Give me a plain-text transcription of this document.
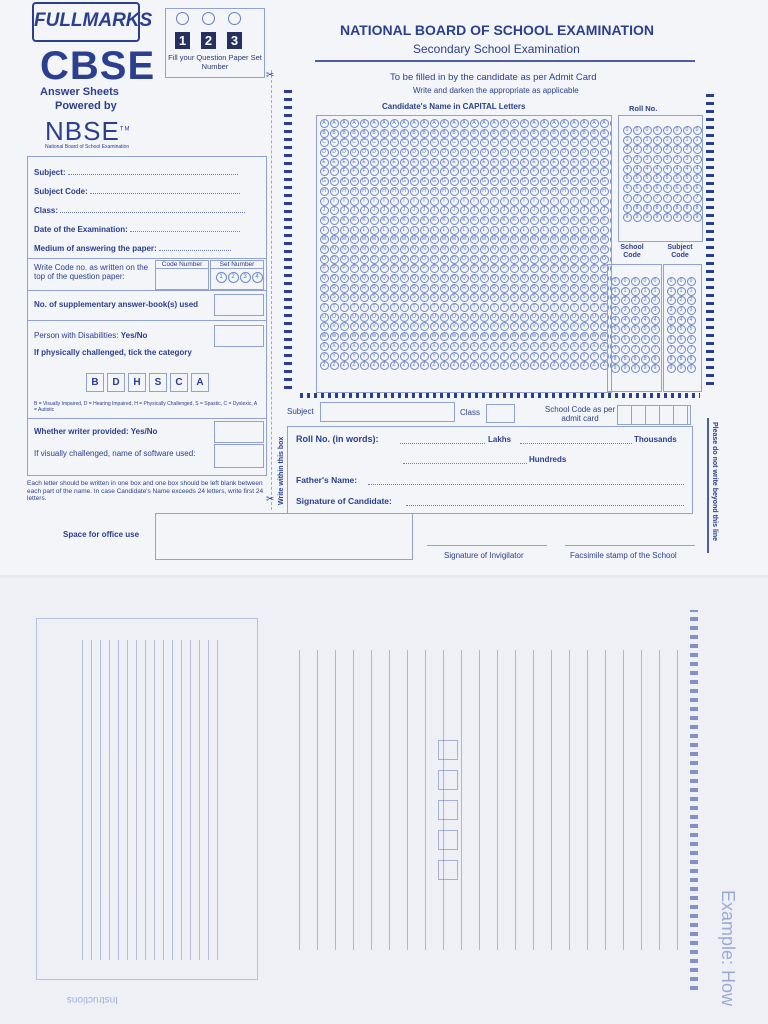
FULLMARKS
CBSE
Answer Sheets
Powered by
NBSE™
National Board of School Examination
1 2 3
Fill your Question Paper Set Number
Subject:
Subject Code:
Class:
Date of the Examination:
Medium of answering the paper:
Write Code no. as written on the top of the question paper:
Code Number	Set Number
1 2 3 4
No. of supplementary answer-book(s) used
Person with Disabilities: Yes/No
If physically challenged, tick the category
B D H S C A
B = Visually Impaired, D = Hearing Impaired, H = Physically Challenged, S = Spastic, C = Dyslexic, A = Autistic
Whether writer provided: Yes/No
If visually challenged, name of software used:
Each letter should be written in one box and one box should be left blank between each part of the name. In case Candidate's Name exceeds 24 letters, write first 24 letters.
Space for office use
✂
✂
NATIONAL BOARD OF SCHOOL EXAMINATION
Secondary School Examination
To be filled in by the candidate as per Admit Card
Write and darken the appropriate as applicable
Candidate's Name in CAPITAL Letters	Roll No.
A A A A A A A A A A A A A A A A A A A A A A A A A A A A A
B B B B B B B B B B B B B B B B B B B B B B B B B B B B B
C C C C C C C C C C C C C C C C C C C C C C C C C C C C C
D D D D D D D D D D D D D D D D D D D D D D D D D D D D D
E E E E E E E E E E E E E E E E E E E E E E E E E E E E E
F F F F F F F F F F F F F F F F F F F F F F F F F F F F F
G G G G G G G G G G G G G G G G G G G G G G G G G G G G G
H H H H H H H H H H H H H H H H H H H H H H H H H H H H H
I I I I I I I I I I I I I I I I I I I I I I I I I I I I I
J J J J J J J J J J J J J J J J J J J J J J J J J J J J J
K K K K K K K K K K K K K K K K K K K K K K K K K K K K K
L L L L L L L L L L L L L L L L L L L L L L L L L L L L L
M M M M M M M M M M M M M M M M M M M M M M M M M M M M M
N N N N N N N N N N N N N N N N N N N N N N N N N N N N N
O O O O O O O O O O O O O O O O O O O O O O O O O O O O O
P P P P P P P P P P P P P P P P P P P P P P P P P P P P P
Q Q Q Q Q Q Q Q Q Q Q Q Q Q Q Q Q Q Q Q Q Q Q Q Q Q Q Q Q
R R R R R R R R R R R R R R R R R R R R R R R R R R R R R
S S S S S S S S S S S S S S S S S S S S S S S S S S S S S
T T T T T T T T T T T T T T T T T T T T T T T T T T T T T
U U U U U U U U U U U U U U U U U U U U U U U U U U U U U
V V V V V V V V V V V V V V V V V V V V V V V V V V V V V
W W W W W W W W W W W W W W W W W W W W W W W W W W W W W
X X X X X X X X X X X X X X X X X X X X X X X X X X X X X
Y Y Y Y Y Y Y Y Y Y Y Y Y Y Y Y Y Y Y Y Y Y Y Y Y Y Y Y Y
Z Z Z Z Z Z Z Z Z Z Z Z Z Z Z Z Z Z Z Z Z Z Z Z Z Z Z Z Z
0 0 0 0 0 0 0 0
1 1 1 1 1 1 1 1
2 2 2 2 2 2 2 2
3 3 3 3 3 3 3 3
4 4 4 4 4 4 4 4
5 5 5 5 5 5 5 5
6 6 6 6 6 6 6 6
7 7 7 7 7 7 7 7
8 8 8 8 8 8 8 8
9 9 9 9 9 9 9 9
School Code
Subject Code
0 0 0 0 0
1 1 1 1 1
2 2 2 2 2
3 3 3 3 3
4 4 4 4 4
5 5 5 5 5
6 6 6 6 6
7 7 7 7 7
8 8 8 8 8
9 9 9 9 9
0 0 0
1 1 1
2 2 2
3 3 3
4 4 4
5 5 5
6 6 6
7 7 7
8 8 8
9 9 9
Subject	Class	School Code as per admit card
Roll No. (in words):	Lakhs	Thousands
Hundreds
Father's Name:
Signature of Candidate:
Write within this box
Signature of Invigilator	Facsimile stamp of the School
Please do not write beyond this line
Example: How
Instructions
